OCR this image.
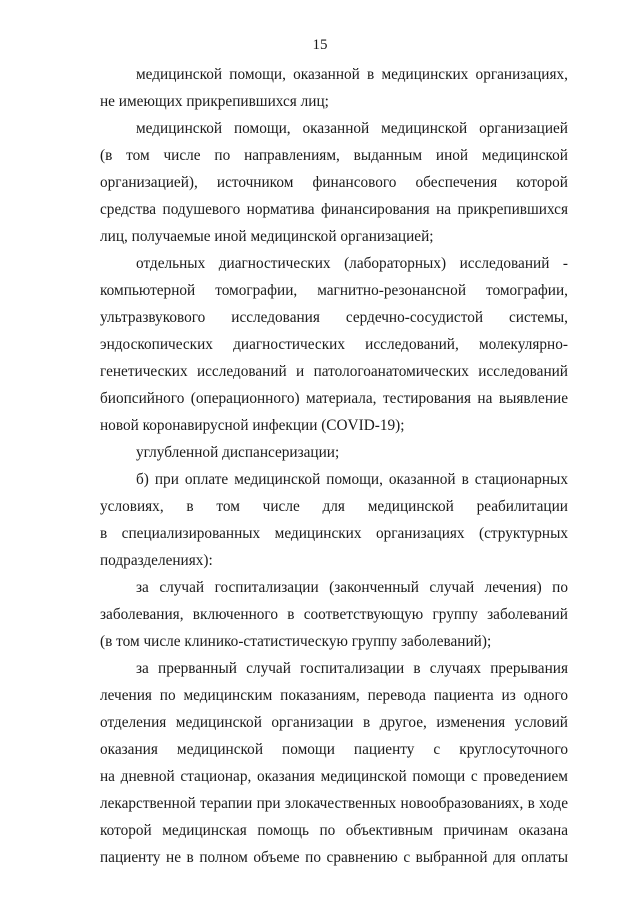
15
медицинской помощи, оказанной в медицинских организациях,
не имеющих прикрепившихся лиц;
медицинской помощи, оказанной медицинской организацией
(в том числе по направлениям, выданным иной медицинской
организацией), источником финансового обеспечения которой
средства подушевого норматива финансирования на прикрепившихся
лиц, получаемые иной медицинской организацией;
отдельных диагностических (лабораторных) исследований -
компьютерной томографии, магнитно-резонансной томографии,
ультразвукового исследования сердечно-сосудистой системы,
эндоскопических диагностических исследований, молекулярно-
генетических исследований и патологоанатомических исследований
биопсийного (операционного) материала, тестирования на выявление
новой коронавирусной инфекции (COVID-19);
углубленной диспансеризации;
б) при оплате медицинской помощи, оказанной в стационарных
условиях, в том числе для медицинской реабилитации
в специализированных медицинских организациях (структурных
подразделениях):
за случай госпитализации (законченный случай лечения) по
заболевания, включенного в соответствующую группу заболеваний
(в том числе клинико-статистическую группу заболеваний);
за прерванный случай госпитализации в случаях прерывания
лечения по медицинским показаниям, перевода пациента из одного
отделения медицинской организации в другое, изменения условий
оказания медицинской помощи пациенту с круглосуточного
на дневной стационар, оказания медицинской помощи с проведением
лекарственной терапии при злокачественных новообразованиях, в ходе
которой медицинская помощь по объективным причинам оказана
пациенту не в полном объеме по сравнению с выбранной для оплаты
